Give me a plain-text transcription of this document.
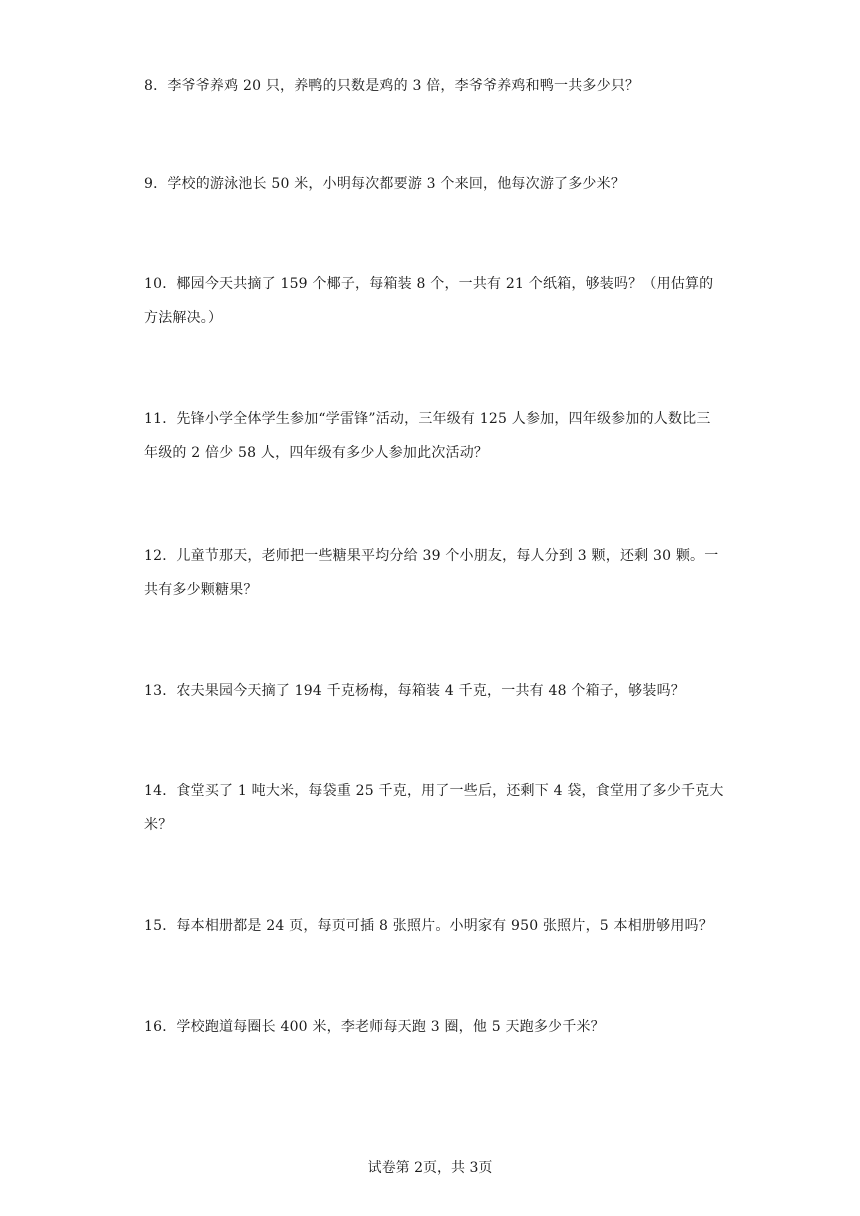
8．李爷爷养鸡 20 只，养鸭的只数是鸡的 3 倍，李爷爷养鸡和鸭一共多少只？
9．学校的游泳池长 50 米，小明每次都要游 3 个来回，他每次游了多少米？
10．椰园今天共摘了 159 个椰子，每箱装 8 个，一共有 21 个纸箱，够装吗？（用估算的方法解决。）
11．先锋小学全体学生参加“学雷锋”活动，三年级有 125 人参加，四年级参加的人数比三年级的 2 倍少 58 人，四年级有多少人参加此次活动？
12．儿童节那天，老师把一些糖果平均分给 39 个小朋友，每人分到 3 颗，还剩 30 颗。一共有多少颗糖果？
13．农夫果园今天摘了 194 千克杨梅，每箱装 4 千克，一共有 48 个箱子，够装吗？
14．食堂买了 1 吨大米，每袋重 25 千克，用了一些后，还剩下 4 袋，食堂用了多少千克大米？
15．每本相册都是 24 页，每页可插 8 张照片。小明家有 950 张照片，5 本相册够用吗？
16．学校跑道每圈长 400 米，李老师每天跑 3 圈，他 5 天跑多少千米？
试卷第 2页，共 3页
